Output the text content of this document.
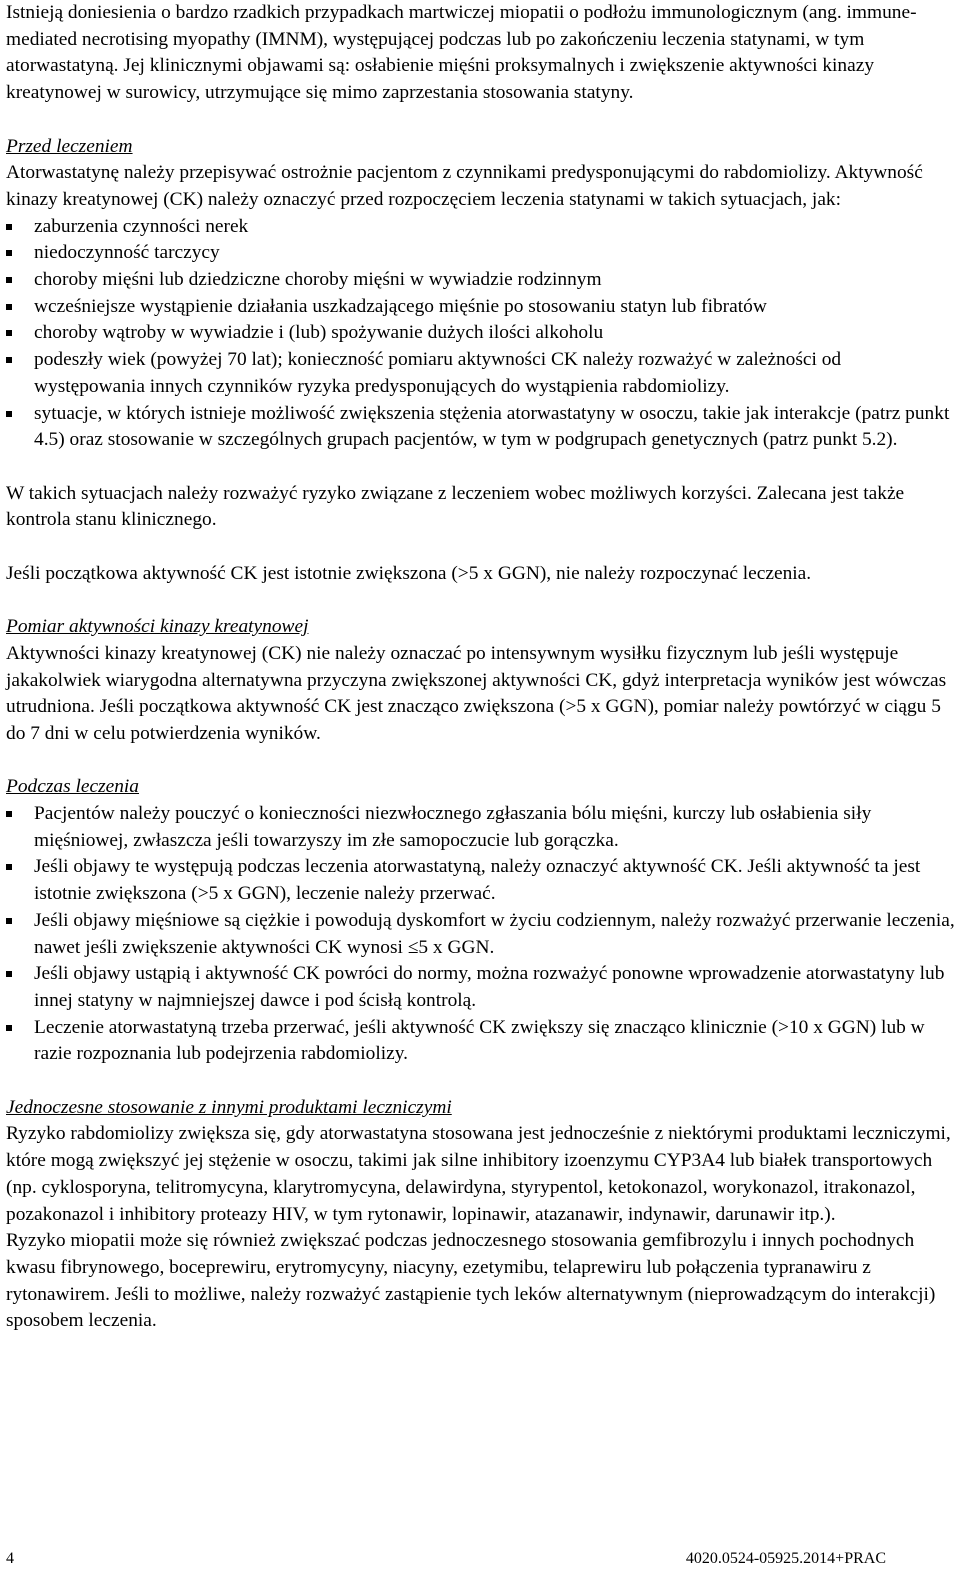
Istnieją doniesienia o bardzo rzadkich przypadkach martwiczej miopatii o podłożu immunologicznym (ang. immune-mediated necrotising myopathy (IMNM), występującej podczas lub po zakończeniu leczenia statynami, w tym atorwastatyną. Jej klinicznymi objawami są: osłabienie mięśni proksymalnych i zwiększenie aktywności kinazy kreatynowej w surowicy, utrzymujące się mimo zaprzestania stosowania statyny.

Przed leczeniem

Atorwastatynę należy przepisywać ostrożnie pacjentom z czynnikami predysponującymi do rabdomiolizy. Aktywność kinazy kreatynowej (CK) należy oznaczyć przed rozpoczęciem leczenia statynami w takich sytuacjach, jak:

zaburzenia czynności nerek
niedoczynność tarczycy
choroby mięśni lub dziedziczne choroby mięśni w wywiadzie rodzinnym
wcześniejsze wystąpienie działania uszkadzającego mięśnie po stosowaniu statyn lub fibratów
choroby wątroby w wywiadzie i (lub) spożywanie dużych ilości alkoholu
podeszły wiek (powyżej 70 lat); konieczność pomiaru aktywności CK należy rozważyć w zależności od występowania innych czynników ryzyka predysponujących do wystąpienia rabdomiolizy.
sytuacje, w których istnieje możliwość zwiększenia stężenia atorwastatyny w osoczu, takie jak interakcje (patrz punkt 4.5) oraz stosowanie w szczególnych grupach pacjentów, w tym w podgrupach genetycznych (patrz punkt 5.2).

W takich sytuacjach należy rozważyć ryzyko związane z leczeniem wobec możliwych korzyści. Zalecana jest także kontrola stanu klinicznego.

Jeśli początkowa aktywność CK jest istotnie zwiększona (>5 x GGN), nie należy rozpoczynać leczenia.

Pomiar aktywności kinazy kreatynowej

Aktywności kinazy kreatynowej (CK) nie należy oznaczać po intensywnym wysiłku fizycznym lub jeśli występuje jakakolwiek wiarygodna alternatywna przyczyna zwiększonej aktywności CK, gdyż interpretacja wyników jest wówczas utrudniona. Jeśli początkowa aktywność CK jest znacząco zwiększona (>5 x GGN), pomiar należy powtórzyć w ciągu 5 do 7 dni w celu potwierdzenia wyników.

Podczas leczenia

Pacjentów należy pouczyć o konieczności niezwłocznego zgłaszania bólu mięśni, kurczy lub osłabienia siły mięśniowej, zwłaszcza jeśli towarzyszy im złe samopoczucie lub gorączka.
Jeśli objawy te występują podczas leczenia atorwastatyną, należy oznaczyć aktywność CK. Jeśli aktywność ta jest istotnie zwiększona (>5 x GGN), leczenie należy przerwać.
Jeśli objawy mięśniowe są ciężkie i powodują dyskomfort w życiu codziennym, należy rozważyć przerwanie leczenia, nawet jeśli zwiększenie aktywności CK wynosi ≤5 x GGN.
Jeśli objawy ustąpią i aktywność CK powróci do normy, można rozważyć ponowne wprowadzenie atorwastatyny lub innej statyny w najmniejszej dawce i pod ścisłą kontrolą.
Leczenie atorwastatyną trzeba przerwać, jeśli aktywność CK zwiększy się znacząco klinicznie (>10 x GGN) lub w razie rozpoznania lub podejrzenia rabdomiolizy.

Jednoczesne stosowanie z innymi produktami leczniczymi

Ryzyko rabdomiolizy zwiększa się, gdy atorwastatyna stosowana jest jednocześnie z niektórymi produktami leczniczymi, które mogą zwiększyć jej stężenie w osoczu, takimi jak silne inhibitory izoenzymu CYP3A4 lub białek transportowych (np. cyklosporyna, telitromycyna, klarytromycyna, delawirdyna, styrypentol, ketokonazol, worykonazol, itrakonazol, pozakonazol i inhibitory proteazy HIV, w tym rytonawir, lopinawir, atazanawir, indynawir, darunawir itp.).

Ryzyko miopatii może się również zwiększać podczas jednoczesnego stosowania gemfibrozylu i innych pochodnych kwasu fibrynowego, boceprewiru, erytromycyny, niacyny, ezetymibu, telaprewiru lub połączenia typranawiru z rytonawirem. Jeśli to możliwe, należy rozważyć zastąpienie tych leków alternatywnym (nieprowadzącym do interakcji) sposobem leczenia.

4	4020.0524-05925.2014+PRAC
